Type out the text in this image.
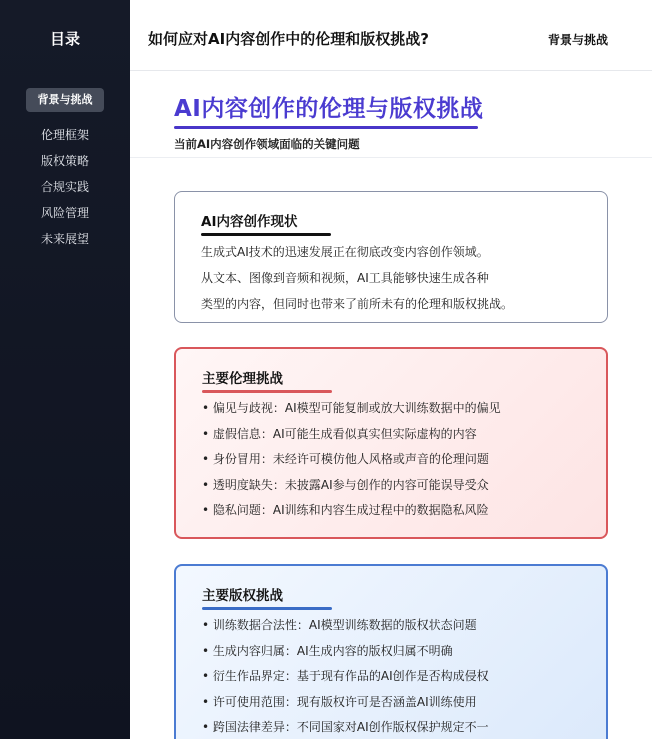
目录
背景与挑战
伦理框架
版权策略
合规实践
风险管理
未来展望
如何应对AI内容创作中的伦理和版权挑战?	背景与挑战
AI内容创作的伦理与版权挑战
当前AI内容创作领域面临的关键问题
AI内容创作现状

生成式AI技术的迅速发展正在彻底改变内容创作领域。

从文本、图像到音频和视频，AI工具能够快速生成各种

类型的内容，但同时也带来了前所未有的伦理和版权挑战。

主要伦理挑战
• 偏见与歧视：AI模型可能复制或放大训练数据中的偏见
• 虚假信息：AI可能生成看似真实但实际虚构的内容
• 身份冒用：未经许可模仿他人风格或声音的伦理问题
• 透明度缺失：未披露AI参与创作的内容可能误导受众
• 隐私问题：AI训练和内容生成过程中的数据隐私风险
主要版权挑战
• 训练数据合法性：AI模型训练数据的版权状态问题
• 生成内容归属：AI生成内容的版权归属不明确
• 衍生作品界定：基于现有作品的AI创作是否构成侵权
• 许可使用范围：现有版权许可是否涵盖AI训练使用
• 跨国法律差异：不同国家对AI创作版权保护规定不一
